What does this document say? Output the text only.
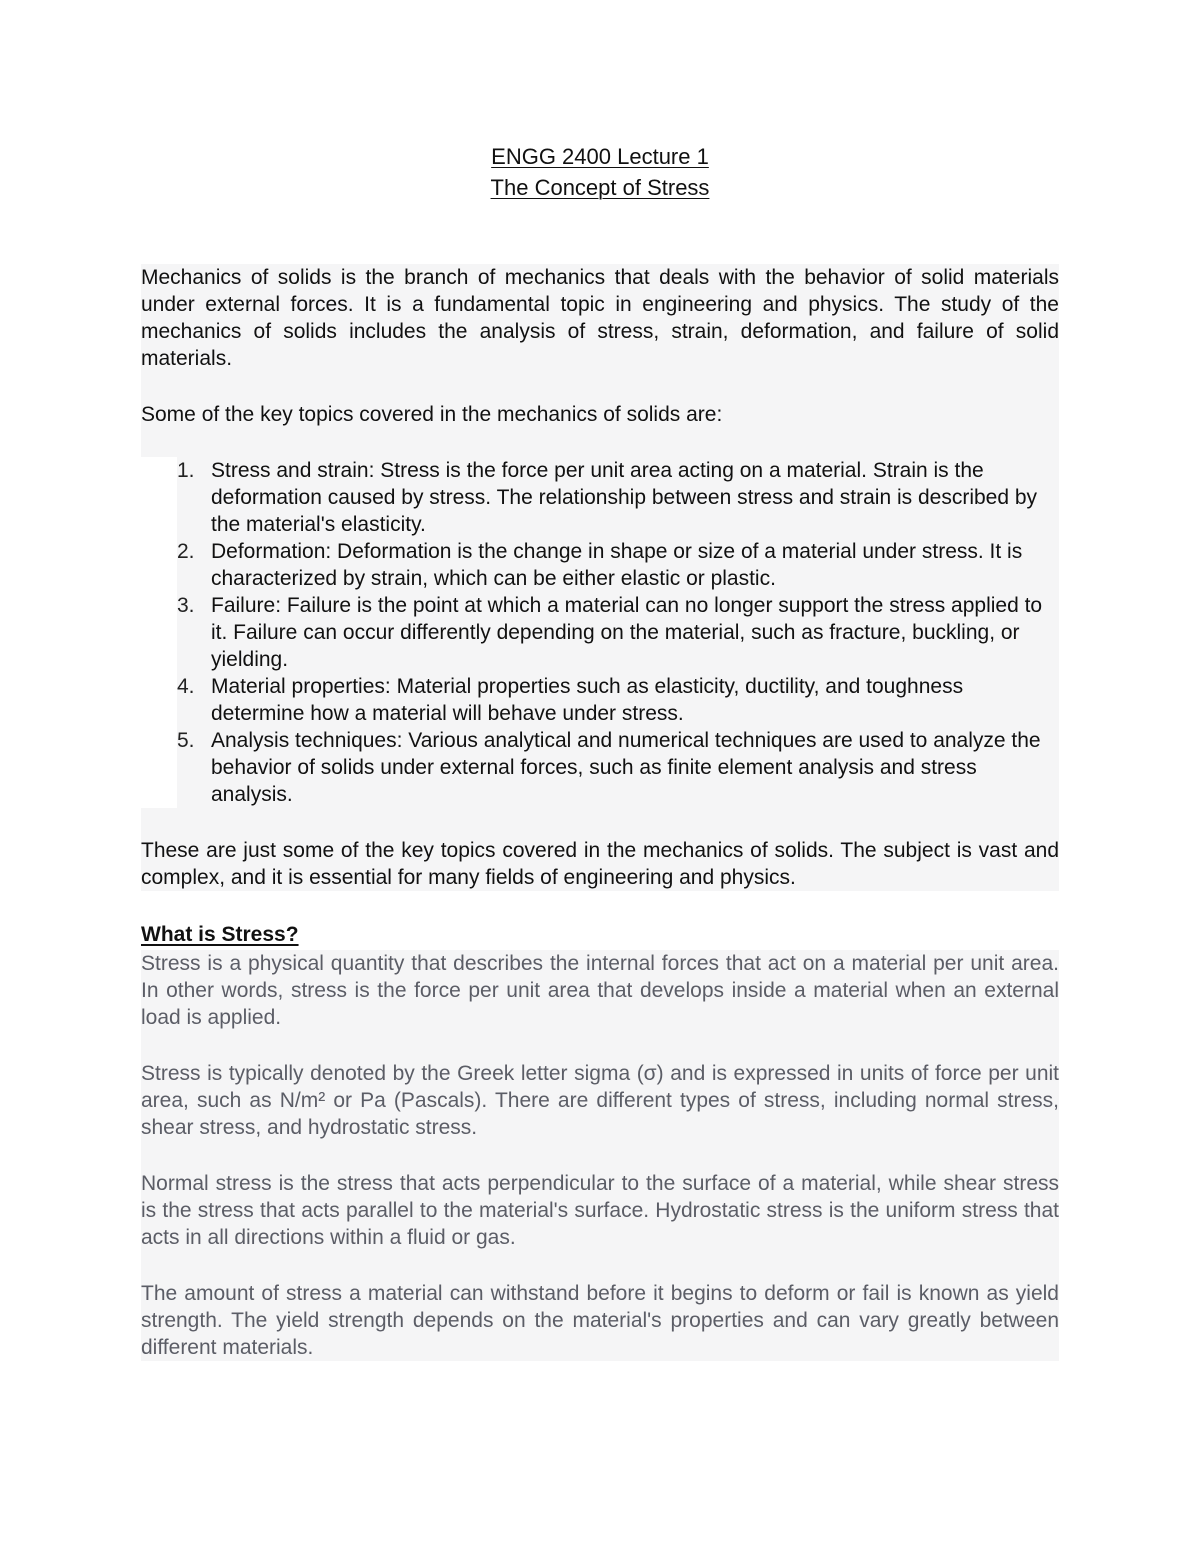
ENGG 2400 Lecture 1
The Concept of Stress

Mechanics of solids is the branch of mechanics that deals with the behavior of solid materials under external forces. It is a fundamental topic in engineering and physics. The study of the mechanics of solids includes the analysis of stress, strain, deformation, and failure of solid materials.

Some of the key topics covered in the mechanics of solids are:

1. Stress and strain: Stress is the force per unit area acting on a material. Strain is the deformation caused by stress. The relationship between stress and strain is described by the material's elasticity.
2. Deformation: Deformation is the change in shape or size of a material under stress. It is characterized by strain, which can be either elastic or plastic.
3. Failure: Failure is the point at which a material can no longer support the stress applied to it. Failure can occur differently depending on the material, such as fracture, buckling, or yielding.
4. Material properties: Material properties such as elasticity, ductility, and toughness determine how a material will behave under stress.
5. Analysis techniques: Various analytical and numerical techniques are used to analyze the behavior of solids under external forces, such as finite element analysis and stress analysis.

These are just some of the key topics covered in the mechanics of solids. The subject is vast and complex, and it is essential for many fields of engineering and physics.

What is Stress?

Stress is a physical quantity that describes the internal forces that act on a material per unit area. In other words, stress is the force per unit area that develops inside a material when an external load is applied.

Stress is typically denoted by the Greek letter sigma (σ) and is expressed in units of force per unit area, such as N/m² or Pa (Pascals). There are different types of stress, including normal stress, shear stress, and hydrostatic stress.

Normal stress is the stress that acts perpendicular to the surface of a material, while shear stress is the stress that acts parallel to the material's surface. Hydrostatic stress is the uniform stress that acts in all directions within a fluid or gas.

The amount of stress a material can withstand before it begins to deform or fail is known as yield strength. The yield strength depends on the material's properties and can vary greatly between different materials.
